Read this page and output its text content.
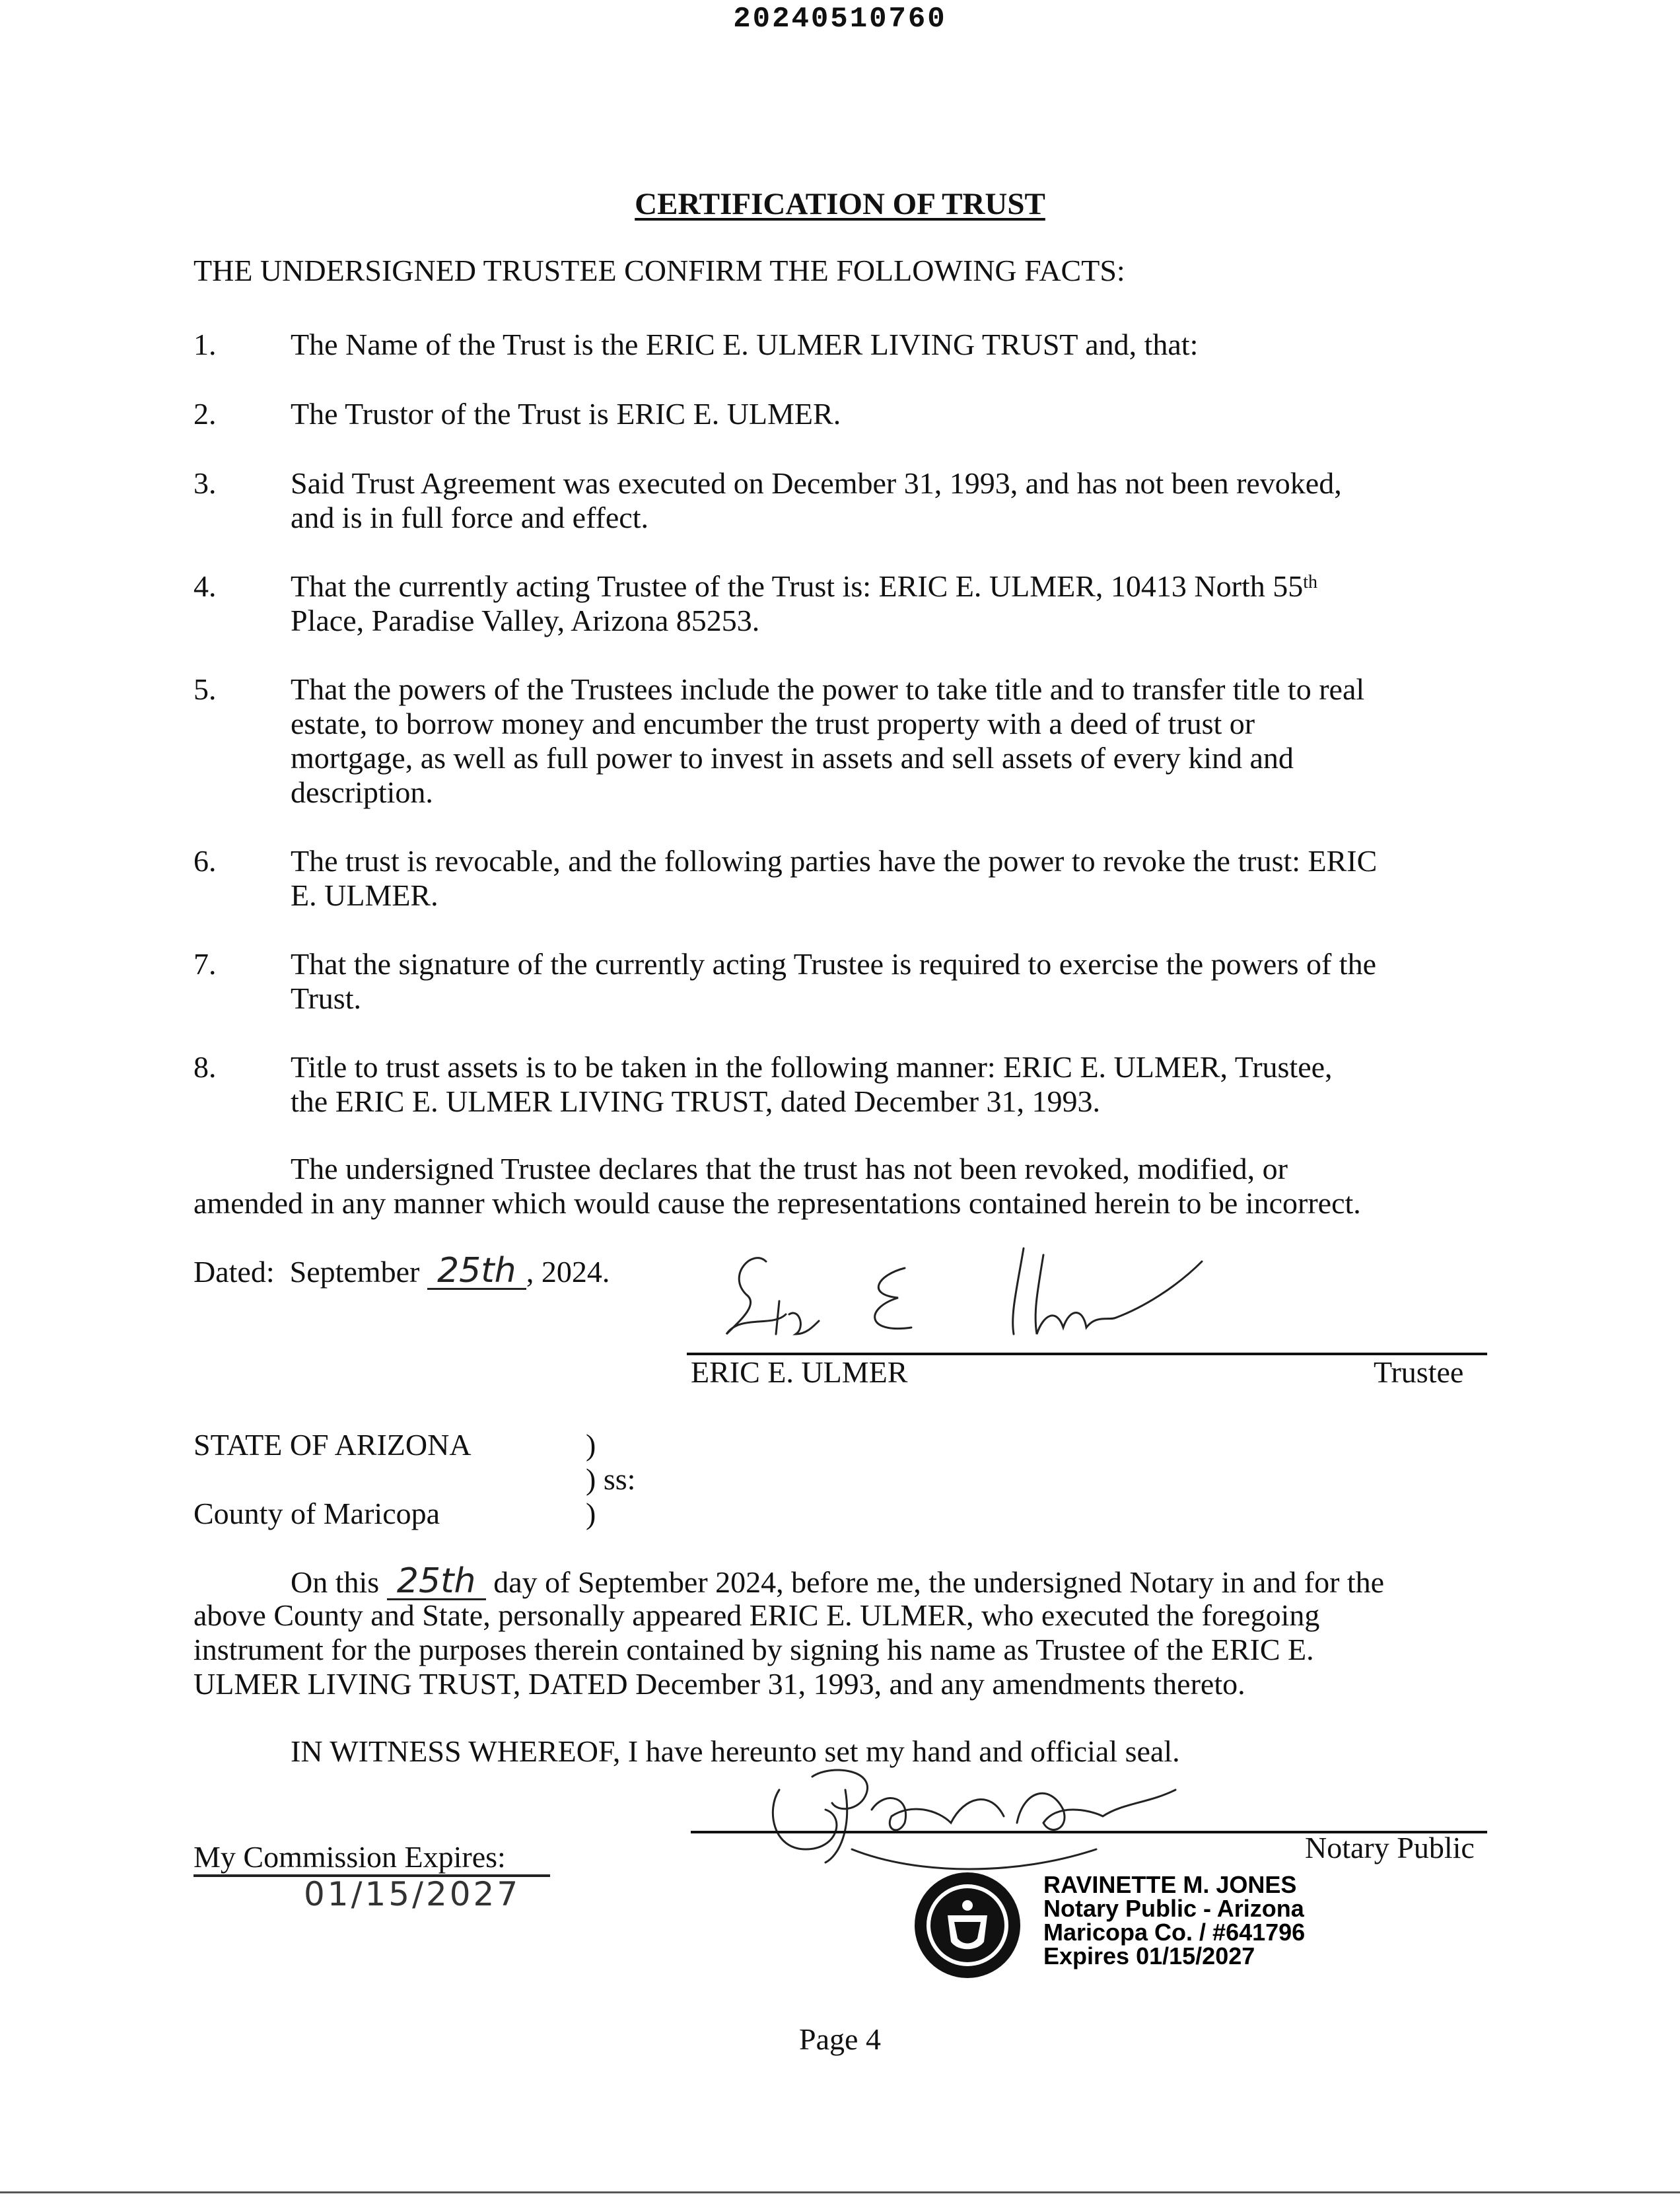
20240510760
CERTIFICATION OF TRUST
THE UNDERSIGNED TRUSTEE CONFIRM THE FOLLOWING FACTS:
1. The Name of the Trust is the ERIC E. ULMER LIVING TRUST and, that:
2. The Trustor of the Trust is ERIC E. ULMER.
3. Said Trust Agreement was executed on December 31, 1993, and has not been revoked,
and is in full force and effect.
4. That the currently acting Trustee of the Trust is: ERIC E. ULMER, 10413 North 55th
Place, Paradise Valley, Arizona 85253.
5. That the powers of the Trustees include the power to take title and to transfer title to real
estate, to borrow money and encumber the trust property with a deed of trust or
mortgage, as well as full power to invest in assets and sell assets of every kind and
description.
6. The trust is revocable, and the following parties have the power to revoke the trust: ERIC
E. ULMER.
7. That the signature of the currently acting Trustee is required to exercise the powers of the
Trust.
8. Title to trust assets is to be taken in the following manner: ERIC E. ULMER, Trustee,
the ERIC E. ULMER LIVING TRUST, dated December 31, 1993.
The undersigned Trustee declares that the trust has not been revoked, modified, or
amended in any manner which would cause the representations contained herein to be incorrect.
Dated:  September 25th , 2024.
ERIC E. ULMER	Trustee
STATE OF ARIZONA	)
) ss:
County of Maricopa	)
On this 25th day of September 2024, before me, the undersigned Notary in and for the
above County and State, personally appeared ERIC E. ULMER, who executed the foregoing
instrument for the purposes therein contained by signing his name as Trustee of the ERIC E.
ULMER LIVING TRUST, DATED December 31, 1993, and any amendments thereto.
IN WITNESS WHEREOF, I have hereunto set my hand and official seal.
Notary Public
My Commission Expires:
01/15/2027	RAVINETTE M. JONES
Notary Public - Arizona
Maricopa Co. / #641796
Expires 01/15/2027
Page 4
